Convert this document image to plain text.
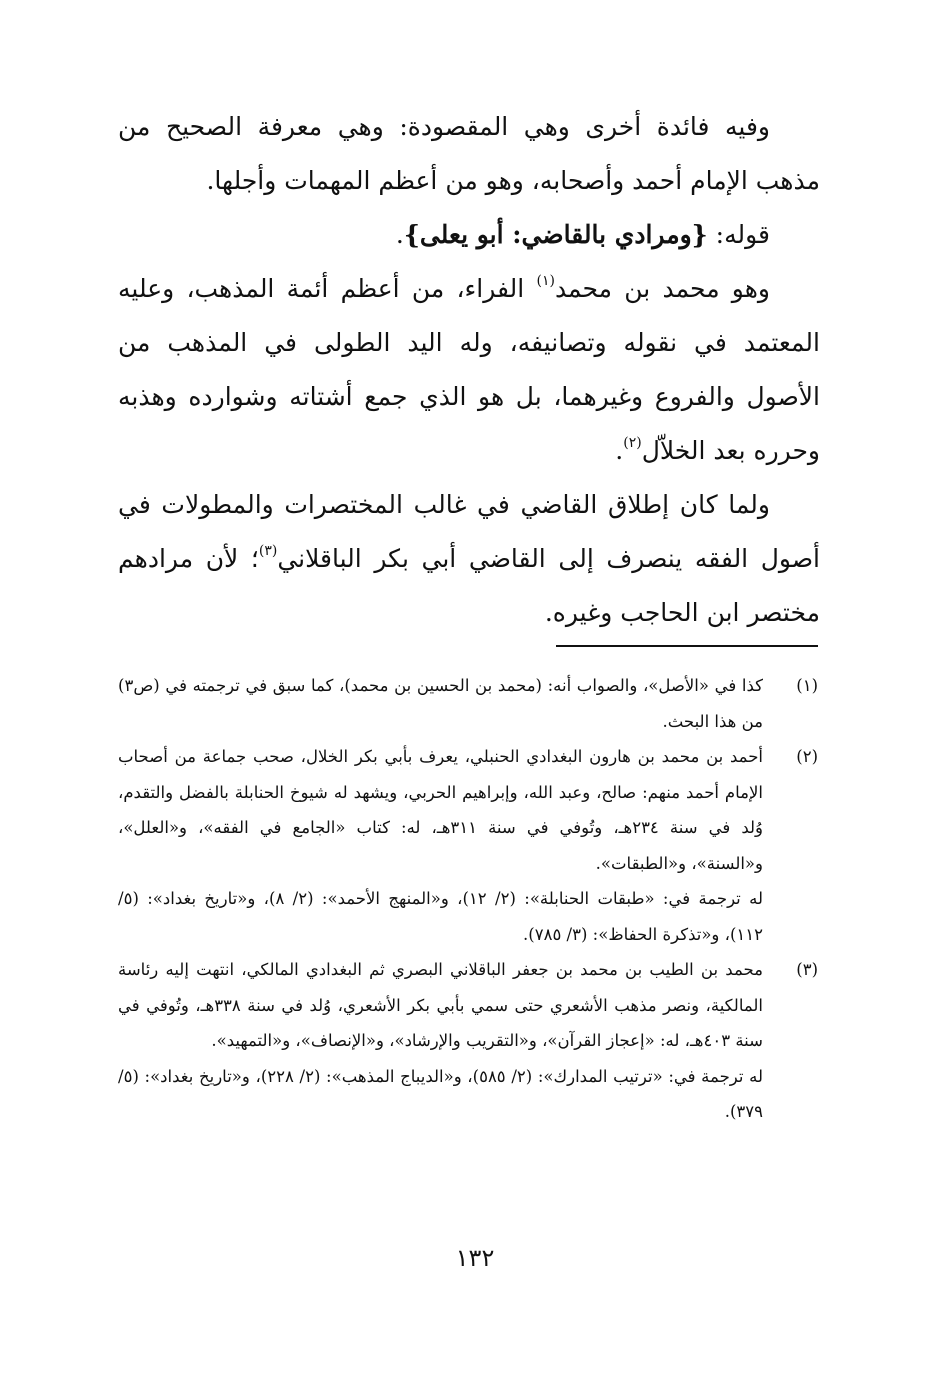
وفيه فائدة أخرى وهي المقصودة: وهي معرفة الصحيح من مذهب الإمام أحمد وأصحابه، وهو من أعظم المهمات وأجلها.

قوله: {ومرادي بالقاضي: أبو يعلى}.

وهو محمد بن محمد$^{(١)}$ الفراء، من أعظم أئمة المذهب، وعليه المعتمد في نقوله وتصانيفه، وله اليد الطولى في المذهب من الأصول والفروع وغيرهما، بل هو الذي جمع أشتاته وشوارده وهذبه وحرره بعد الخلاّل$^{(٢)}$.

ولما كان إطلاق القاضي في غالب المختصرات والمطولات في أصول الفقه ينصرف إلى القاضي أبي بكر الباقلاني$^{(٣)}$؛ لأن مرادهم مختصر ابن الحاجب وغيره.

(١)

كذا في «الأصل»، والصواب أنه: (محمد بن الحسين بن محمد)، كما سبق في ترجمته في (ص٣) من هذا البحث.

(٢)

أحمد بن محمد بن هارون البغدادي الحنبلي، يعرف بأبي بكر الخلال، صحب جماعة من أصحاب الإمام أحمد منهم: صالح، وعبد الله، وإبراهيم الحربي، ويشهد له شيوخ الحنابلة بالفضل والتقدم، وُلد في سنة ٢٣٤هـ، وتُوفي في سنة ٣١١هـ، له: كتاب «الجامع في الفقه»، و«العلل»، و«السنة»، و«الطبقات».

له ترجمة في: «طبقات الحنابلة»: (٢/ ١٢)، و«المنهج الأحمد»: (٢/ ٨)، و«تاريخ بغداد»: (٥/ ١١٢)، و«تذكرة الحفاظ»: (٣/ ٧٨٥).

(٣)

محمد بن الطيب بن محمد بن جعفر الباقلاني البصري ثم البغدادي المالكي، انتهت إليه رئاسة المالكية، ونصر مذهب الأشعري حتى سمي بأبي بكر الأشعري، وُلد في سنة ٣٣٨هـ، وتُوفي في سنة ٤٠٣هـ، له: «إعجاز القرآن»، و«التقريب والإرشاد»، و«الإنصاف»، و«التمهيد».

له ترجمة في: «ترتيب المدارك»: (٢/ ٥٨٥)، و«الديباج المذهب»: (٢/ ٢٢٨)، و«تاريخ بغداد»: (٥/ ٣٧٩).

١٣٢
